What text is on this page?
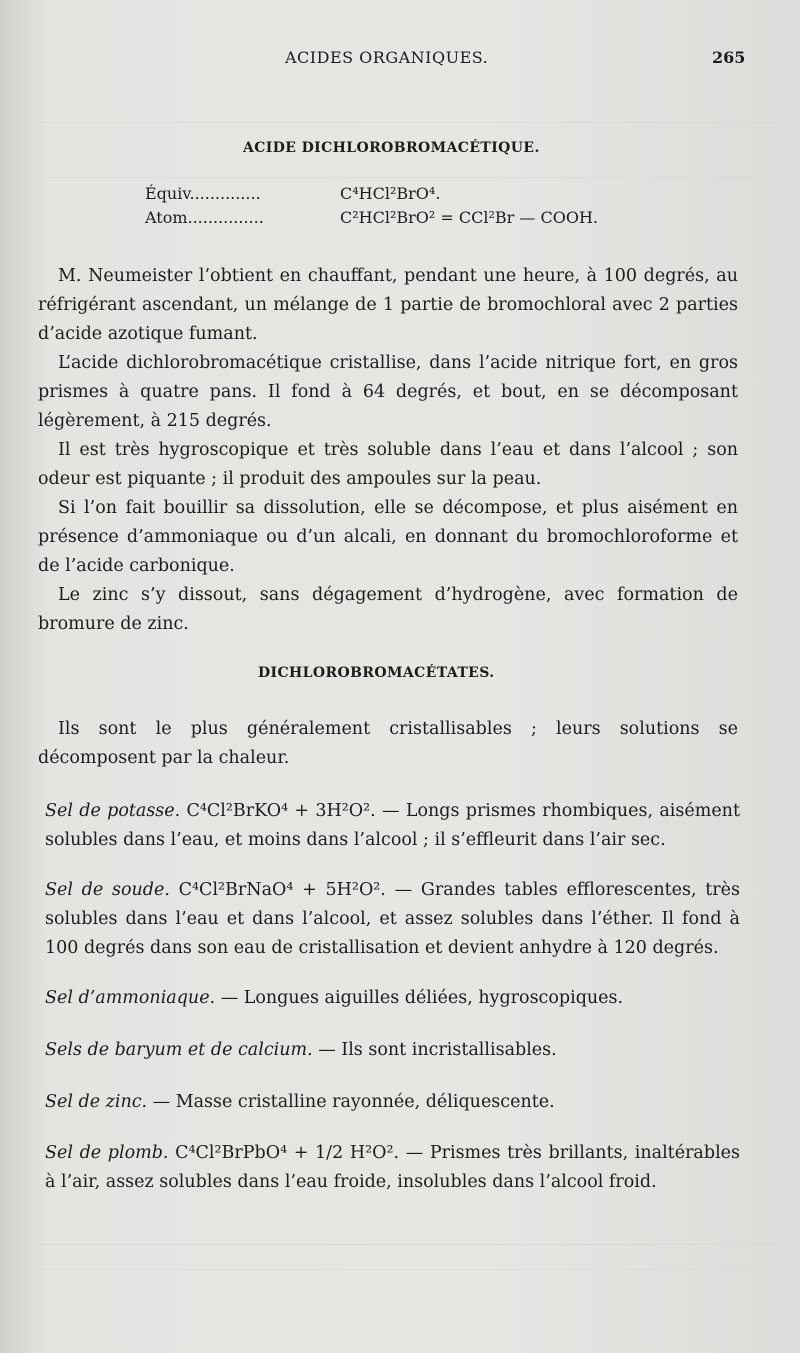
ACIDES ORGANIQUES.	265
ACIDE DICHLOROBROMACÉTIQUE.
Équiv..............	C⁴HCl²BrO⁴.
Atom...............	C²HCl²BrO² = CCl²Br — COOH.

M. Neumeister l’obtient en chauffant, pendant une heure, à 100 degrés, au réfrigérant ascendant, un mélange de 1 partie de bromochloral avec 2 parties d’acide azotique fumant.

L’acide dichlorobromacétique cristallise, dans l’acide nitrique fort, en gros prismes à quatre pans. Il fond à 64 degrés, et bout, en se décomposant légèrement, à 215 degrés.

Il est très hygroscopique et très soluble dans l’eau et dans l’alcool ; son odeur est piquante ; il produit des ampoules sur la peau.

Si l’on fait bouillir sa dissolution, elle se décompose, et plus aisément en présence d’ammoniaque ou d’un alcali, en donnant du bromochloroforme et de l’acide carbonique.

Le zinc s’y dissout, sans dégagement d’hydrogène, avec formation de bromure de zinc.

DICHLOROBROMACÉTATES.

Ils sont le plus généralement cristallisables ; leurs solutions se décomposent par la chaleur.

Sel de potasse. C⁴Cl²BrKO⁴ + 3H²O². — Longs prismes rhombiques, aisément solubles dans l’eau, et moins dans l’alcool ; il s’effleurit dans l’air sec.
Sel de soude. C⁴Cl²BrNaO⁴ + 5H²O². — Grandes tables efflorescentes, très solubles dans l’eau et dans l’alcool, et assez solubles dans l’éther. Il fond à 100 degrés dans son eau de cristallisation et devient anhydre à 120 degrés.
Sel d’ammoniaque. — Longues aiguilles déliées, hygroscopiques.
Sels de baryum et de calcium. — Ils sont incristallisables.
Sel de zinc. — Masse cristalline rayonnée, déliquescente.
Sel de plomb. C⁴Cl²BrPbO⁴ + 1/2 H²O². — Prismes très brillants, inaltérables à l’air, assez solubles dans l’eau froide, insolubles dans l’alcool froid.
